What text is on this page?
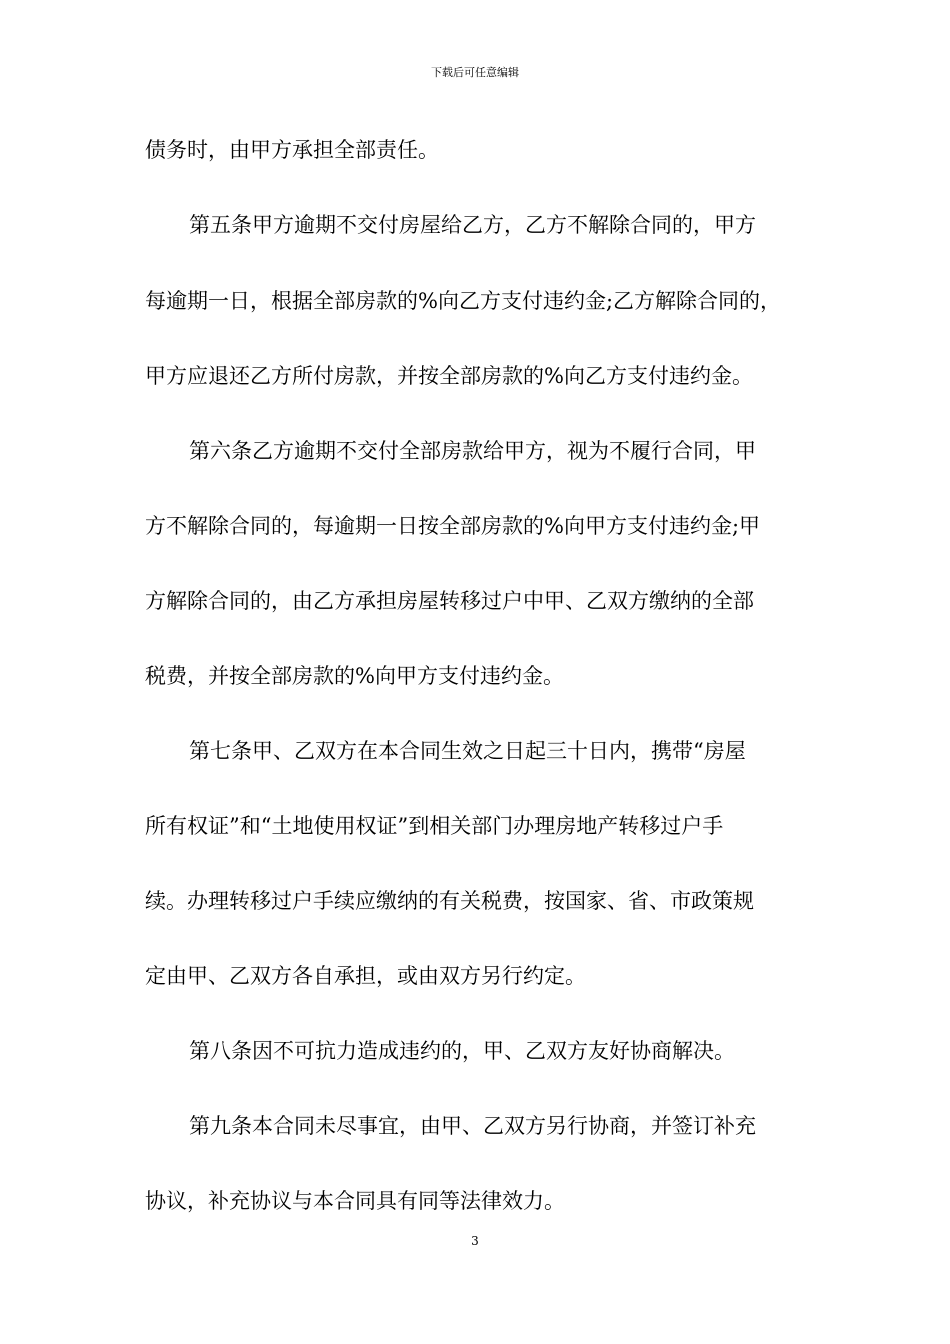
下载后可任意编辑
债务时，由甲方承担全部责任。
第五条甲方逾期不交付房屋给乙方，乙方不解除合同的，甲方
每逾期一日，根据全部房款的%向乙方支付违约金;乙方解除合同的，
甲方应退还乙方所付房款，并按全部房款的%向乙方支付违约金。
第六条乙方逾期不交付全部房款给甲方，视为不履行合同，甲
方不解除合同的，每逾期一日按全部房款的%向甲方支付违约金;甲
方解除合同的，由乙方承担房屋转移过户中甲、乙双方缴纳的全部
税费，并按全部房款的%向甲方支付违约金。
第七条甲、乙双方在本合同生效之日起三十日内，携带“房屋
所有权证”和“土地使用权证”到相关部门办理房地产转移过户手
续。办理转移过户手续应缴纳的有关税费，按国家、省、市政策规
定由甲、乙双方各自承担，或由双方另行约定。
第八条因不可抗力造成违约的，甲、乙双方友好协商解决。
第九条本合同未尽事宜，由甲、乙双方另行协商，并签订补充
协议，补充协议与本合同具有同等法律效力。
3
